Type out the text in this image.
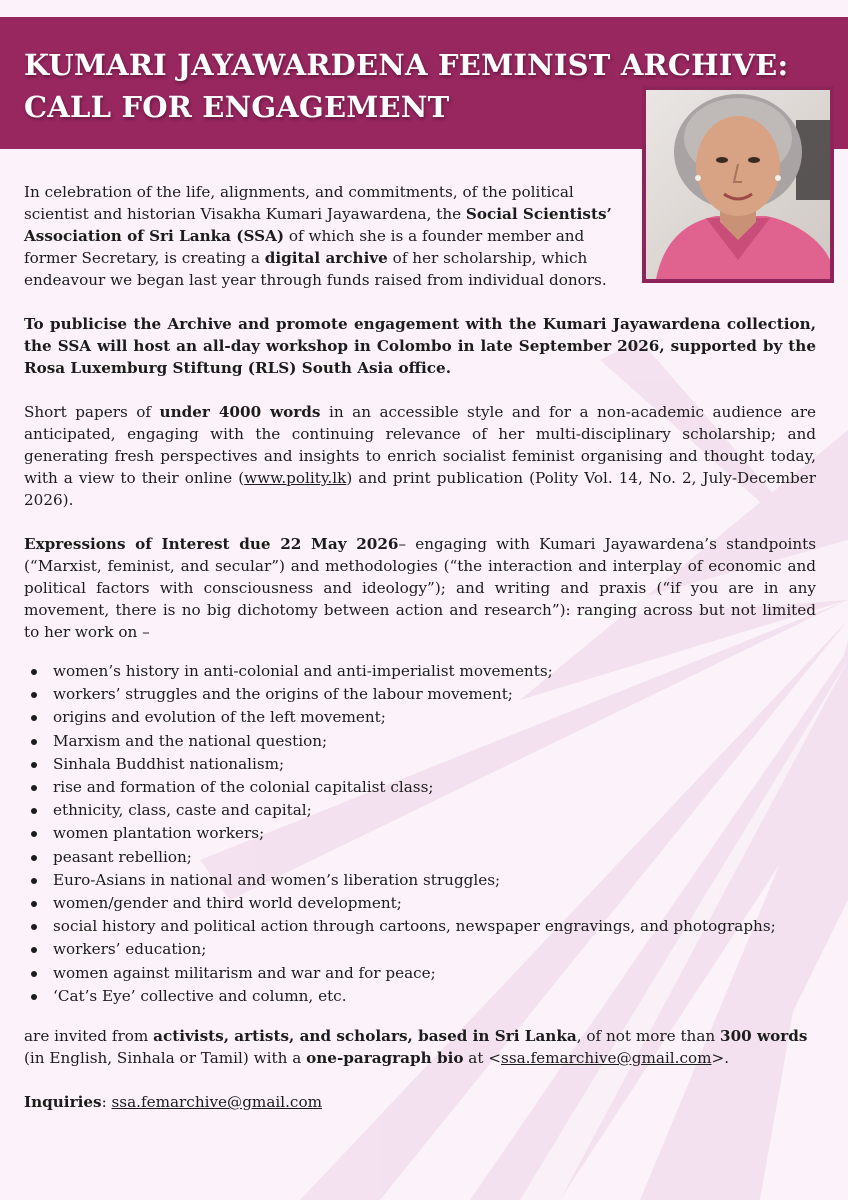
KUMARI JAYAWARDENA FEMINIST ARCHIVE:
CALL FOR ENGAGEMENT

In celebration of the life, alignments, and commitments, of the political scientist and historian Visakha Kumari Jayawardena, the Social Scientists’ Association of Sri Lanka (SSA) of which she is a founder member and former Secretary, is creating a digital archive of her scholarship, which endeavour we began last year through funds raised from individual donors.

To publicise the Archive and promote engagement with the Kumari Jayawardena collection, the SSA will host an all-day workshop in Colombo in late September 2026, supported by the Rosa Luxemburg Stiftung (RLS) South Asia office.

Short papers of under 4000 words in an accessible style and for a non-academic audience are anticipated, engaging with the continuing relevance of her multi-disciplinary scholarship; and generating fresh perspectives and insights to enrich socialist feminist organising and thought today, with a view to their online (www.polity.lk) and print publication (Polity Vol. 14, No. 2, July-December 2026).

Expressions of Interest due 22 May 2026– engaging with Kumari Jayawardena’s standpoints (“Marxist, feminist, and secular”) and methodologies (“the interaction and interplay of economic and political factors with consciousness and ideology”); and writing and praxis (“if you are in any movement, there is no big dichotomy between action and research”): ranging across but not limited to her work on –

women’s history in anti-colonial and anti-imperialist movements;
workers’ struggles and the origins of the labour movement;
origins and evolution of the left movement;
Marxism and the national question;
Sinhala Buddhist nationalism;
rise and formation of the colonial capitalist class;
ethnicity, class, caste and capital;
women plantation workers;
peasant rebellion;
Euro-Asians in national and women’s liberation struggles;
women/gender and third world development;
social history and political action through cartoons, newspaper engravings, and photographs;
workers’ education;
women against militarism and war and for peace;
‘Cat’s Eye’ collective and column, etc.

are invited from activists, artists, and scholars, based in Sri Lanka, of not more than 300 words (in English, Sinhala or Tamil) with a one-paragraph bio at <ssa.femarchive@gmail.com>.

Inquiries: ssa.femarchive@gmail.com
